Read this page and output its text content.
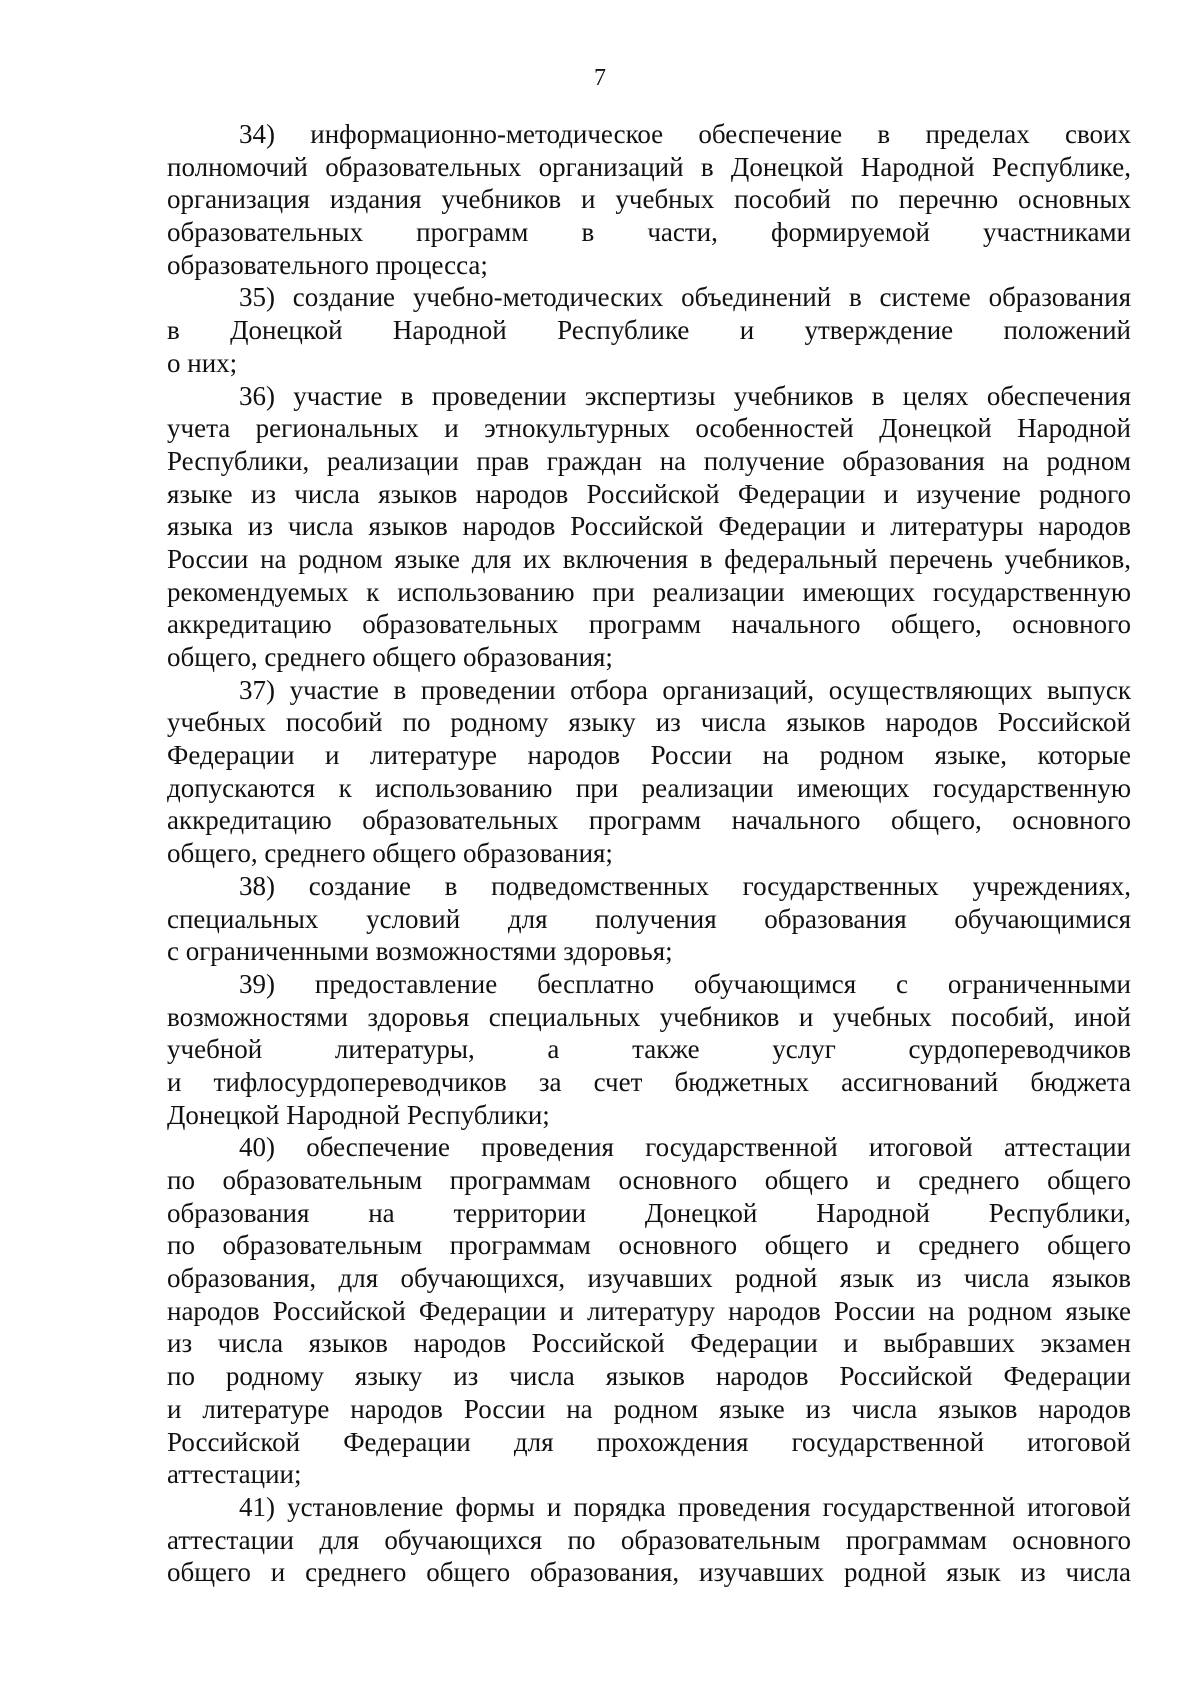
7
34) информационно-методическое обеспечение в пределах своих
полномочий образовательных организаций в Донецкой Народной Республике,
организация издания учебников и учебных пособий по перечню основных
образовательных программ в части, формируемой участниками
образовательного процесса;
35) создание учебно-методических объединений в системе образования
в Донецкой Народной Республике и утверждение положений
о них;
36) участие в проведении экспертизы учебников в целях обеспечения
учета региональных и этнокультурных особенностей Донецкой Народной
Республики, реализации прав граждан на получение образования на родном
языке из числа языков народов Российской Федерации и изучение родного
языка из числа языков народов Российской Федерации и литературы народов
России на родном языке для их включения в федеральный перечень учебников,
рекомендуемых к использованию при реализации имеющих государственную
аккредитацию образовательных программ начального общего, основного
общего, среднего общего образования;
37) участие в проведении отбора организаций, осуществляющих выпуск
учебных пособий по родному языку из числа языков народов Российской
Федерации и литературе народов России на родном языке, которые
допускаются к использованию при реализации имеющих государственную
аккредитацию образовательных программ начального общего, основного
общего, среднего общего образования;
38) создание в подведомственных государственных учреждениях,
специальных условий для получения образования обучающимися
с ограниченными возможностями здоровья;
39) предоставление бесплатно обучающимся с ограниченными
возможностями здоровья специальных учебников и учебных пособий, иной
учебной литературы, а также услуг сурдопереводчиков
и тифлосурдопереводчиков за счет бюджетных ассигнований бюджета
Донецкой Народной Республики;
40) обеспечение проведения государственной итоговой аттестации
по образовательным программам основного общего и среднего общего
образования на территории Донецкой Народной Республики,
по образовательным программам основного общего и среднего общего
образования, для обучающихся, изучавших родной язык из числа языков
народов Российской Федерации и литературу народов России на родном языке
из числа языков народов Российской Федерации и выбравших экзамен
по родному языку из числа языков народов Российской Федерации
и литературе народов России на родном языке из числа языков народов
Российской Федерации для прохождения государственной итоговой
аттестации;
41) установление формы и порядка проведения государственной итоговой
аттестации для обучающихся по образовательным программам основного
общего и среднего общего образования, изучавших родной язык из числа
